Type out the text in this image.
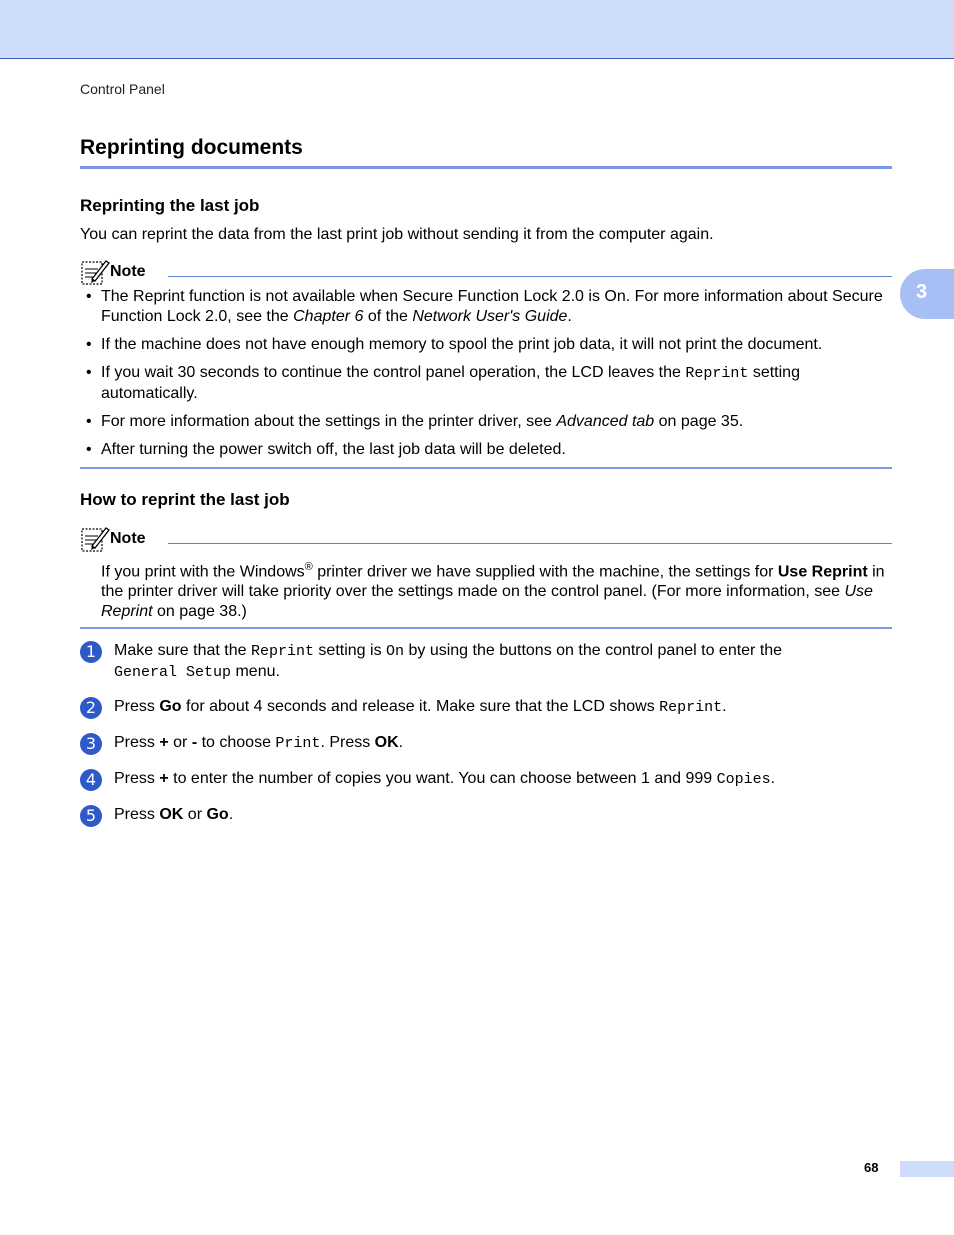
Control Panel
3
Reprinting documents
Reprinting the last job
You can reprint the data from the last print job without sending it from the computer again.
Note
• The Reprint function is not available when Secure Function Lock 2.0 is On. For more information about Secure Function Lock 2.0, see the Chapter 6 of the Network User's Guide.
• If the machine does not have enough memory to spool the print job data, it will not print the document.
• If you wait 30 seconds to continue the control panel operation, the LCD leaves the Reprint setting automatically.
• For more information about the settings in the printer driver, see Advanced tab on page 35.
• After turning the power switch off, the last job data will be deleted.
How to reprint the last job
Note
If you print with the Windows® printer driver we have supplied with the machine, the settings for Use Reprint in the printer driver will take priority over the settings made on the control panel. (For more information, see Use Reprint on page 38.)
1	Make sure that the Reprint setting is On by using the buttons on the control panel to enter the General Setup menu.
2	Press Go for about 4 seconds and release it. Make sure that the LCD shows Reprint.
3	Press + or - to choose Print. Press OK.
4	Press + to enter the number of copies you want. You can choose between 1 and 999 Copies.
5	Press OK or Go.
68
